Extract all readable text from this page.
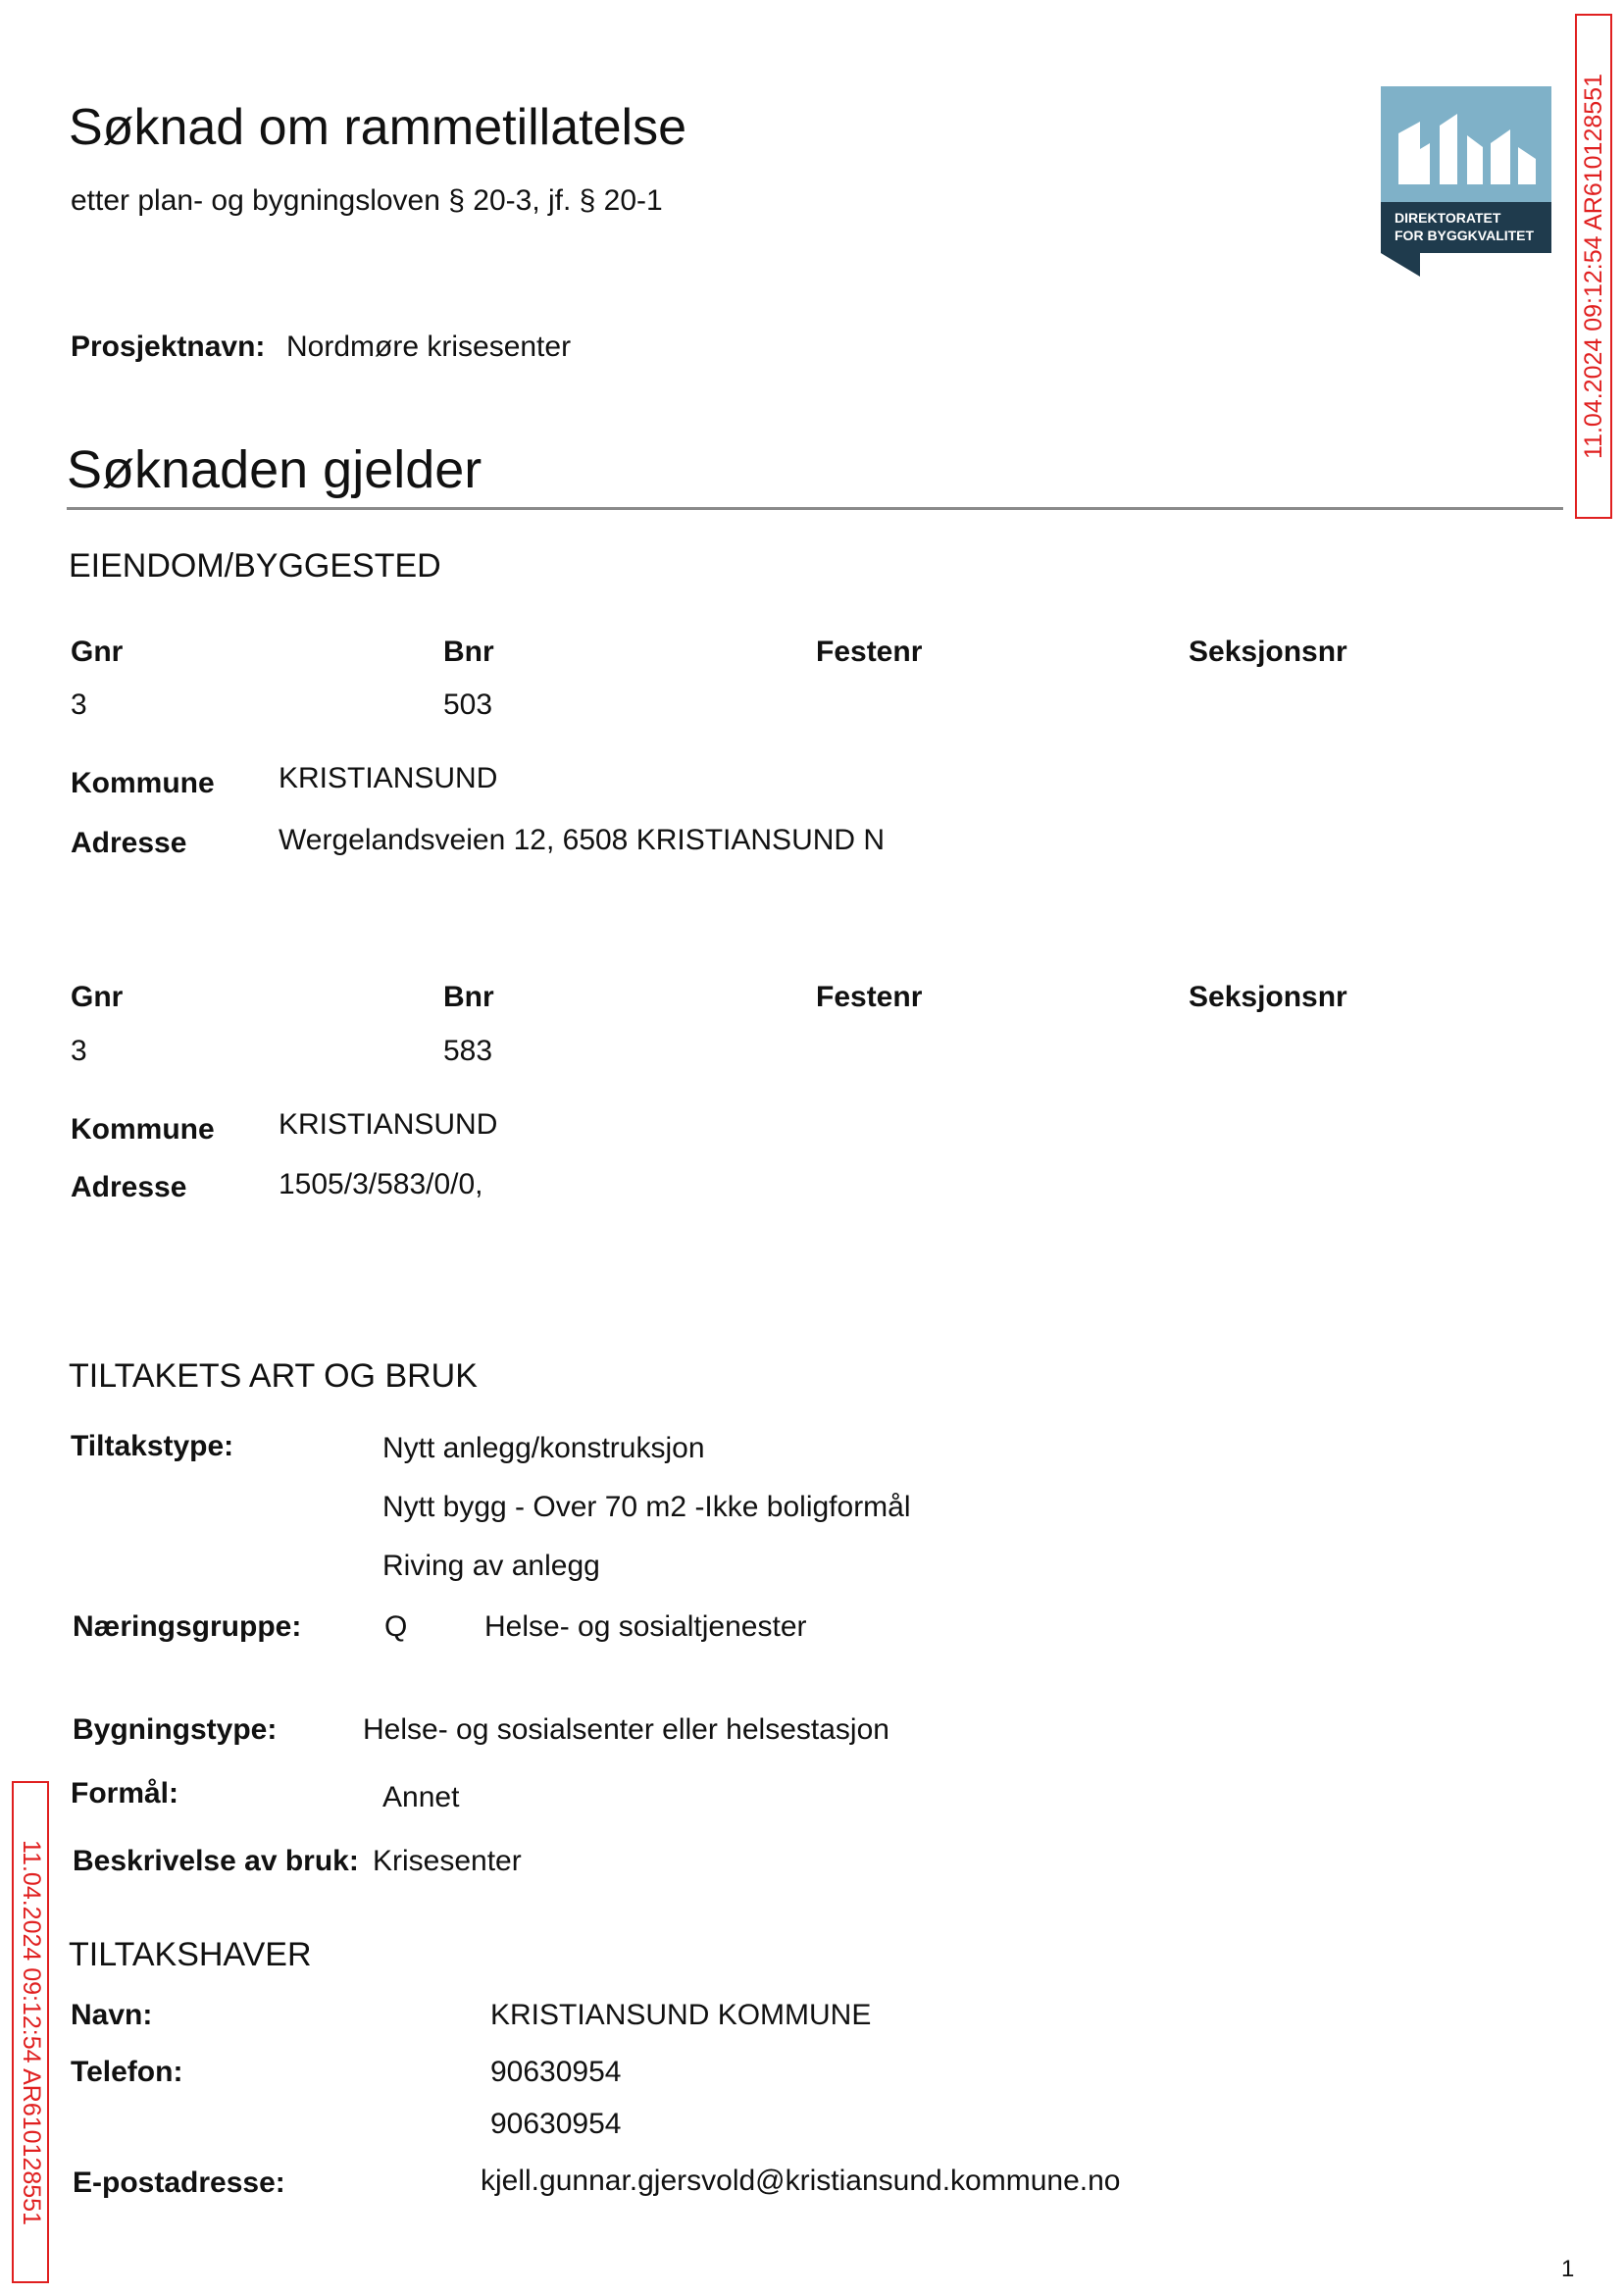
11.04.2024 09:12:54 AR610128551
11.04.2024 09:12:54 AR610128551
DIREKTORATET
FOR BYGGKVALITET
Søknad om rammetillatelse
etter plan- og bygningsloven § 20-3, jf. § 20-1
Prosjektnavn: Nordmøre krisesenter
Søknaden gjelder
EIENDOM/BYGGESTED
Gnr	Bnr	Festenr	Seksjonsnr
3	503
Kommune KRISTIANSUND
Adresse	Wergelandsveien 12, 6508 KRISTIANSUND N
Gnr	Bnr	Festenr	Seksjonsnr
3	583
Kommune KRISTIANSUND
Adresse	1505/3/583/0/0,
TILTAKETS ART OG BRUK
Tiltakstype:	Nytt anlegg/konstruksjon
Nytt bygg - Over 70 m2 -Ikke boligformål
Riving av anlegg
Næringsgruppe:	Q	Helse- og sosialtjenester
Bygningstype:	Helse- og sosialsenter eller helsestasjon
Formål:	Annet
Beskrivelse av bruk: Krisesenter
TILTAKSHAVER
Navn:	KRISTIANSUND KOMMUNE
Telefon:	90630954
90630954
E-postadresse:	kjell.gunnar.gjersvold@kristiansund.kommune.no
1
